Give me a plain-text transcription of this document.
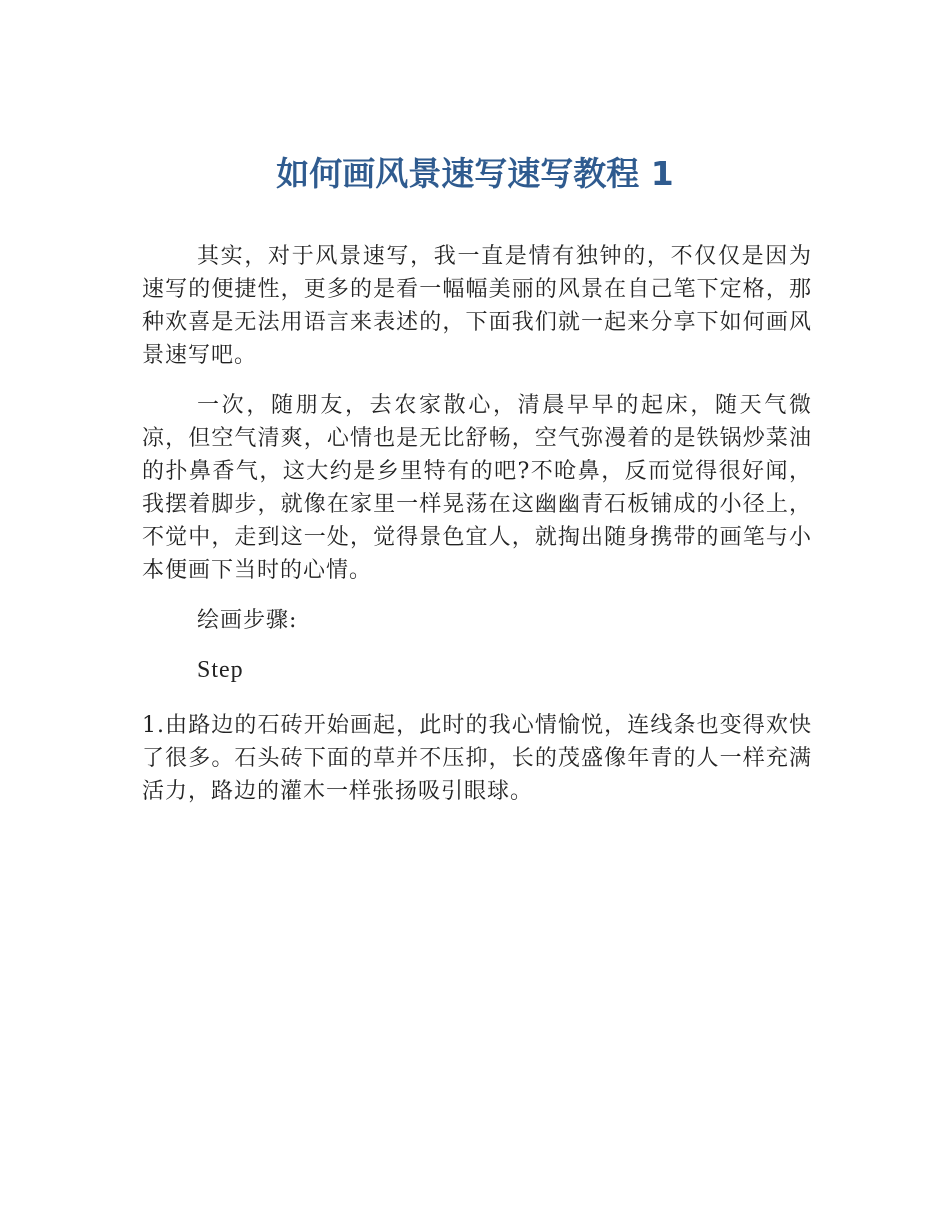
如何画风景速写速写教程 1

其实，对于风景速写，我一直是情有独钟的，不仅仅是因为速写的便捷性，更多的是看一幅幅美丽的风景在自己笔下定格，那种欢喜是无法用语言来表述的，下面我们就一起来分享下如何画风景速写吧。

一次，随朋友，去农家散心，清晨早早的起床，随天气微凉，但空气清爽，心情也是无比舒畅，空气弥漫着的是铁锅炒菜油的扑鼻香气，这大约是乡里特有的吧?不呛鼻，反而觉得很好闻，我摆着脚步，就像在家里一样晃荡在这幽幽青石板铺成的小径上，不觉中，走到这一处，觉得景色宜人，就掏出随身携带的画笔与小本便画下当时的心情。

绘画步骤:

Step

1.由路边的石砖开始画起，此时的我心情愉悦，连线条也变得欢快了很多。石头砖下面的草并不压抑，长的茂盛像年青的人一样充满活力，路边的灌木一样张扬吸引眼球。
